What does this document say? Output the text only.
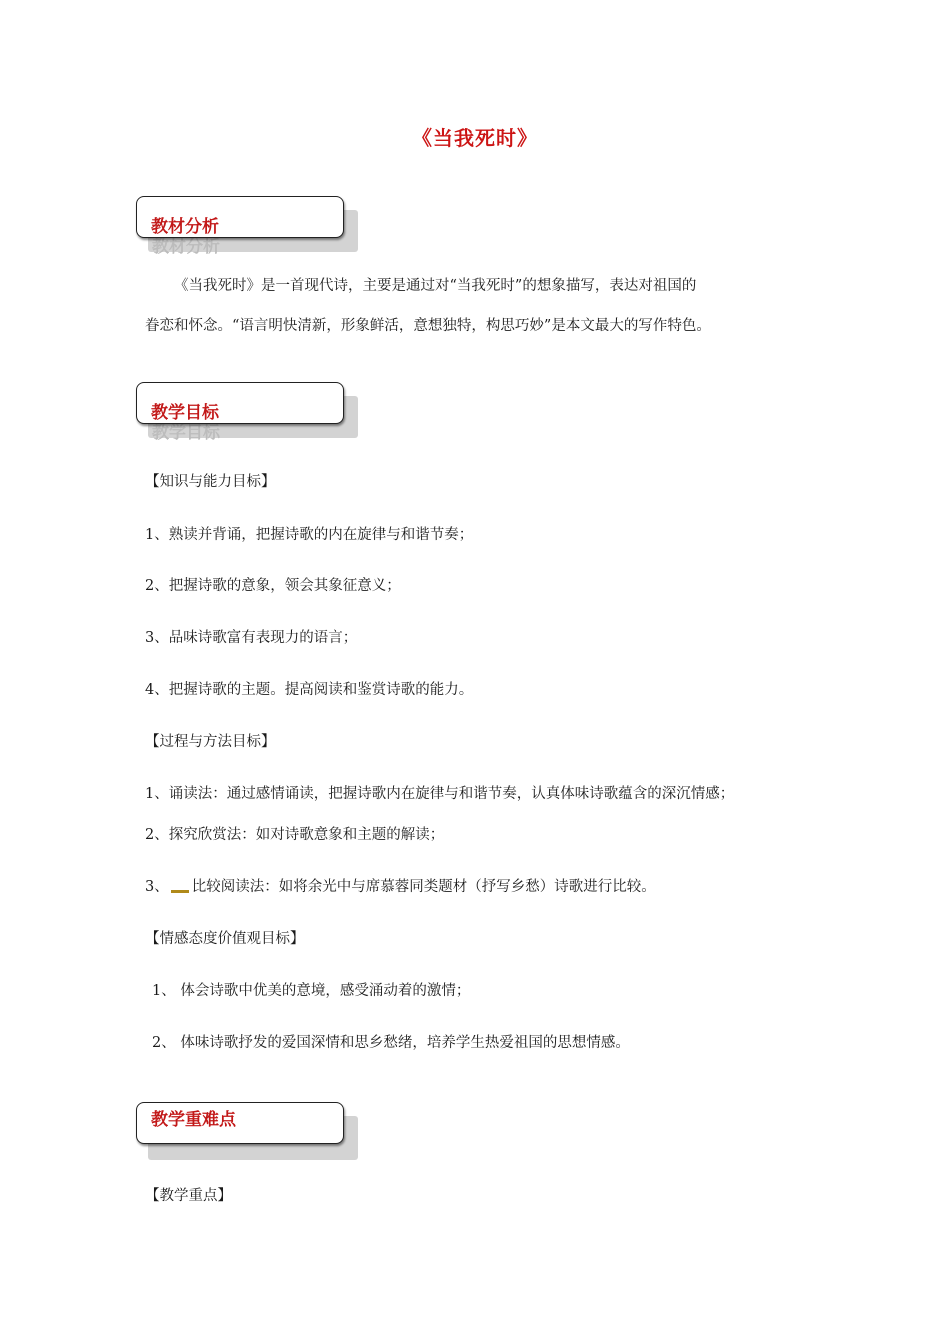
《当我死时》
教材分析

《当我死时》是一首现代诗，主要是通过对“当我死时”的想象描写，表达对祖国的

眷恋和怀念。“语言明快清新，形象鲜活，意想独特，构思巧妙”是本文最大的写作特色。

教学目标
【知识与能力目标】
1、熟读并背诵，把握诗歌的内在旋律与和谐节奏；
2、把握诗歌的意象，领会其象征意义；
3、品味诗歌富有表现力的语言；
4、把握诗歌的主题。提高阅读和鉴赏诗歌的能力。
【过程与方法目标】
1、诵读法：通过感情诵读，把握诗歌内在旋律与和谐节奏，认真体味诗歌蕴含的深沉情感；
2、探究欣赏法：如对诗歌意象和主题的解读；
3、 比较阅读法：如将余光中与席慕蓉同类题材（抒写乡愁）诗歌进行比较。
【情感态度价值观目标】
1、 体会诗歌中优美的意境，感受涌动着的激情；
2、 体味诗歌抒发的爱国深情和思乡愁绪，培养学生热爱祖国的思想情感。
教学重难点
【教学重点】
